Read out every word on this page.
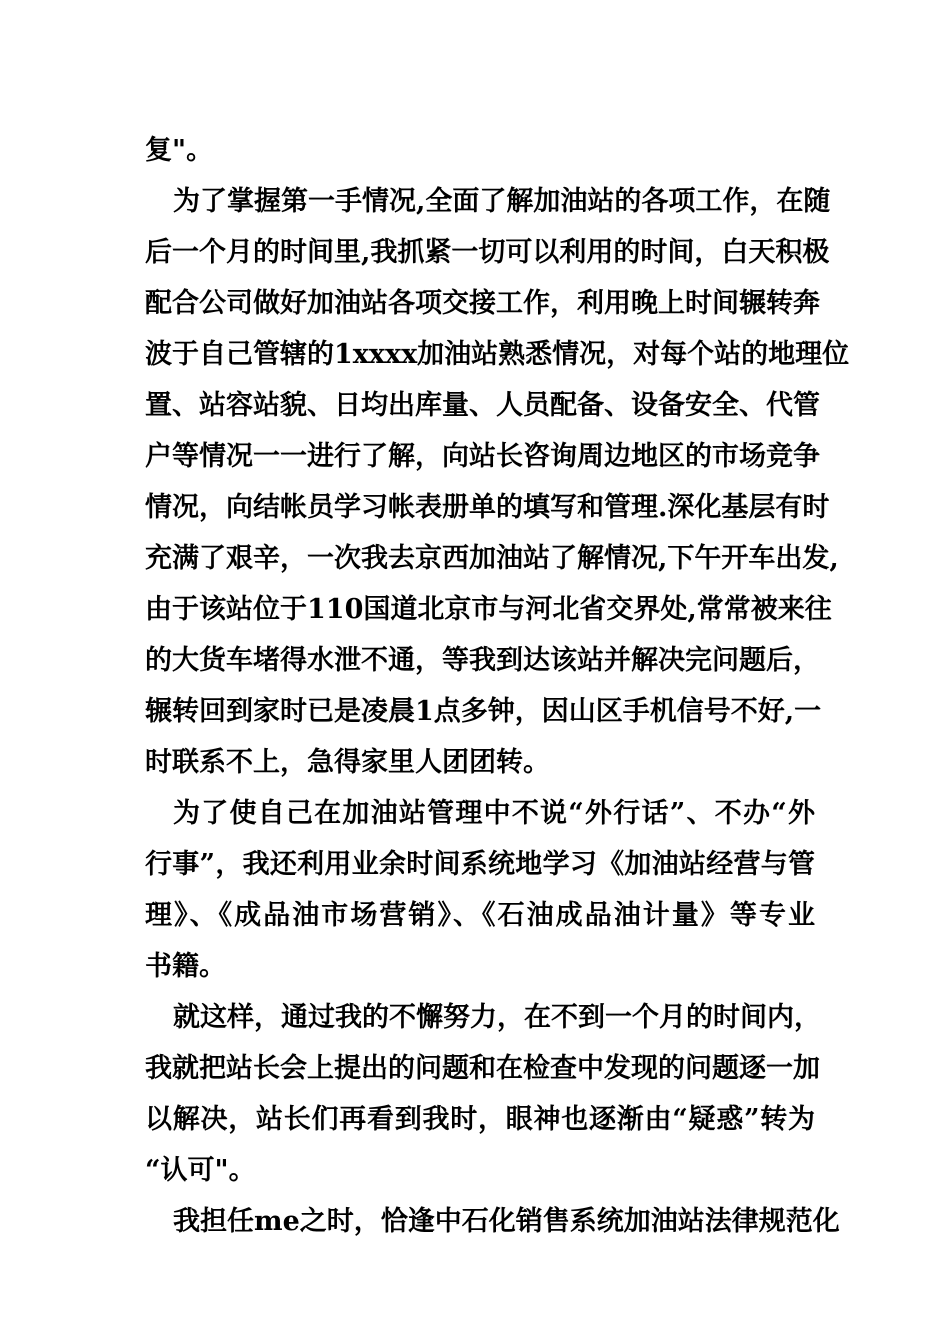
复"。
为了掌握第一手情况,全面了解加油站的各项工作，在随
后一个月的时间里,我抓紧一切可以利用的时间，白天积极
配合公司做好加油站各项交接工作，利用晚上时间辗转奔
波于自己管辖的1xxxx加油站熟悉情况，对每个站的地理位
置、站容站貌、日均出库量、人员配备、设备安全、代管
户等情况一一进行了解，向站长咨询周边地区的市场竞争
情况，向结帐员学习帐表册单的填写和管理.深化基层有时
充满了艰辛，一次我去京西加油站了解情况,下午开车出发,
由于该站位于110国道北京市与河北省交界处,常常被来往
的大货车堵得水泄不通，等我到达该站并解决完问题后，
辗转回到家时已是凌晨1点多钟，因山区手机信号不好,一
时联系不上，急得家里人团团转。
为了使自己在加油站管理中不说“外行话”、不办“外
行事”，我还利用业余时间系统地学习《加油站经营与管
理》、《成品油市场营销》、《石油成品油计量》等专业
书籍。
就这样，通过我的不懈努力，在不到一个月的时间内，
我就把站长会上提出的问题和在检查中发现的问题逐一加
以解决，站长们再看到我时，眼神也逐渐由“疑惑”转为
“认可"。
我担任me之时，恰逢中石化销售系统加油站法律规范化
